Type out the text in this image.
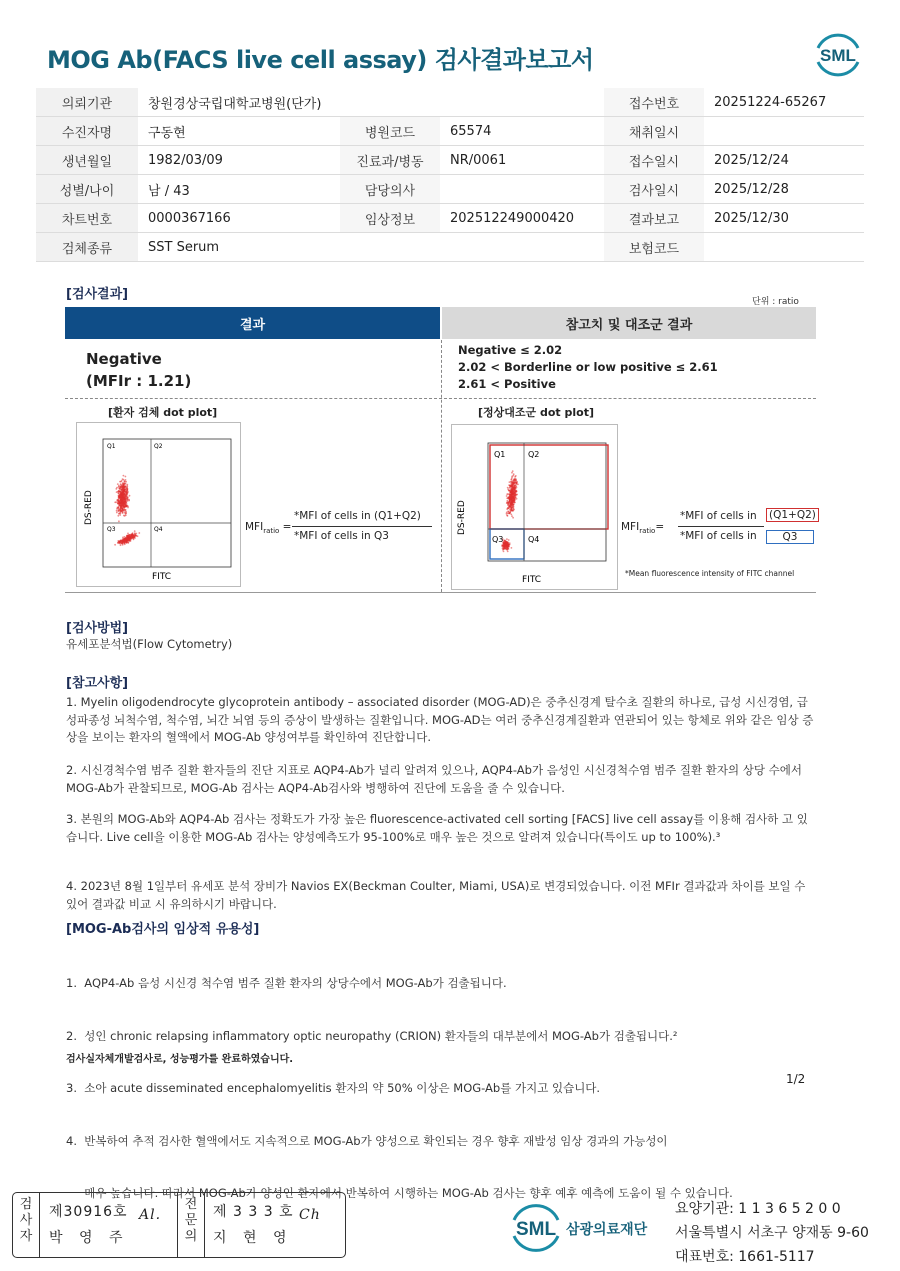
MOG Ab(FACS live cell assay) 검사결과보고서	SML
의뢰기관	창원경상국립대학교병원(단가)			접수번호	20251224-65267
수진자명	구동현	병원코드	65574	채취일시	
생년월일	1982/03/09	진료과/병동	NR/0061	접수일시	2025/12/24
성별/나이	남 / 43	담당의사		검사일시	2025/12/28
차트번호	0000367166	임상정보	202512249000420	결과보고	2025/12/30
검체종류	SST Serum			보험코드	
[검사결과]	단위 : ratio
결과	참고치 및 대조군 결과
Negative
(MFIr : 1.21)
Negative ≤ 2.02
2.02 < Borderline or low positive ≤ 2.61
2.61 < Positive
[환자 검체 dot plot]	[정상대조군 dot plot]
Q1	Q2
Q3	Q4
FITC
DS-RED
$MFI_{ratio}$ =
*MFI of cells in (Q1+Q2)
*MFI of cells in Q3
Q1	Q2
Q3	Q4
FITC
DS-RED	$MFI_{ratio}=$
*MFI of cells in (Q1+Q2)
*MFI of cells in	Q3
*Mean fluorescence intensity of FITC channel
[검사방법]
유세포분석법(Flow Cytometry)
[참고사항]
1. Myelin oligodendrocyte glycoprotein antibody – associated disorder (MOG-AD)은 중추신경계 탈수초 질환의 하나로, 급성 시신경염, 급성파종성 뇌척수염, 척수염, 뇌간 뇌염 등의 증상이 발생하는 질환입니다. MOG-AD는 여러 중추신경계질환과 연관되어 있는 항체로 위와 같은 임상 증상을 보이는 환자의 혈액에서 MOG-Ab 양성여부를 확인하여 진단합니다.
2. 시신경척수염 범주 질환 환자들의 진단 지표로 AQP4-Ab가 널리 알려져 있으나, AQP4-Ab가 음성인 시신경척수염 범주 질환 환자의 상당 수에서 MOG-Ab가 관찰되므로, MOG-Ab 검사는 AQP4-Ab검사와 병행하여 진단에 도움을 줄 수 있습니다.
3. 본원의 MOG-Ab와 AQP4-Ab 검사는 정확도가 가장 높은 fluorescence-activated cell sorting [FACS] live cell assay를 이용해 검사하 고 있습니다. Live cell을 이용한 MOG-Ab 검사는 양성예측도가 95-100%로 매우 높은 것으로 알려져 있습니다(특이도 up to 100%).³
4. 2023년 8월 1일부터 유세포 분석 장비가 Navios EX(Beckman Coulter, Miami, USA)로 변경되었습니다. 이전 MFIr 결과값과 차이를 보일 수 있어 결과값 비교 시 유의하시기 바랍니다.
[MOG-Ab검사의 임상적 유용성]

1.  AQP4-Ab 음성 시신경 척수염 범주 질환 환자의 상당수에서 MOG-Ab가 검출됩니다.

2.  성인 chronic relapsing inflammatory optic neuropathy (CRION) 환자들의 대부분에서 MOG-Ab가 검출됩니다.²

3.  소아 acute disseminated encephalomyelitis 환자의 약 50% 이상은 MOG-Ab를 가지고 있습니다.

4.  반복하여 추적 검사한 혈액에서도 지속적으로 MOG-Ab가 양성으로 확인되는 경우 향후 재발성 임상 경과의 가능성이

매우 높습니다. 따라서 MOG-Ab가 양성인 환자에서 반복하여 시행하는 MOG-Ab 검사는 향후 예후 예측에 도움이 될 수 있습니다.

검사실자체개발검사로, 성능평가를 완료하였습니다.
1/2
검사자
제30916호
박 영 주
Al.
전문의
제 3 3 3 호
지 현 영
Ch
SML 삼광의료재단
요양기관: 1 1 3 6 5 2 0 0
서울특별시 서초구 양재동 9-60
대표번호: 1661-5117
